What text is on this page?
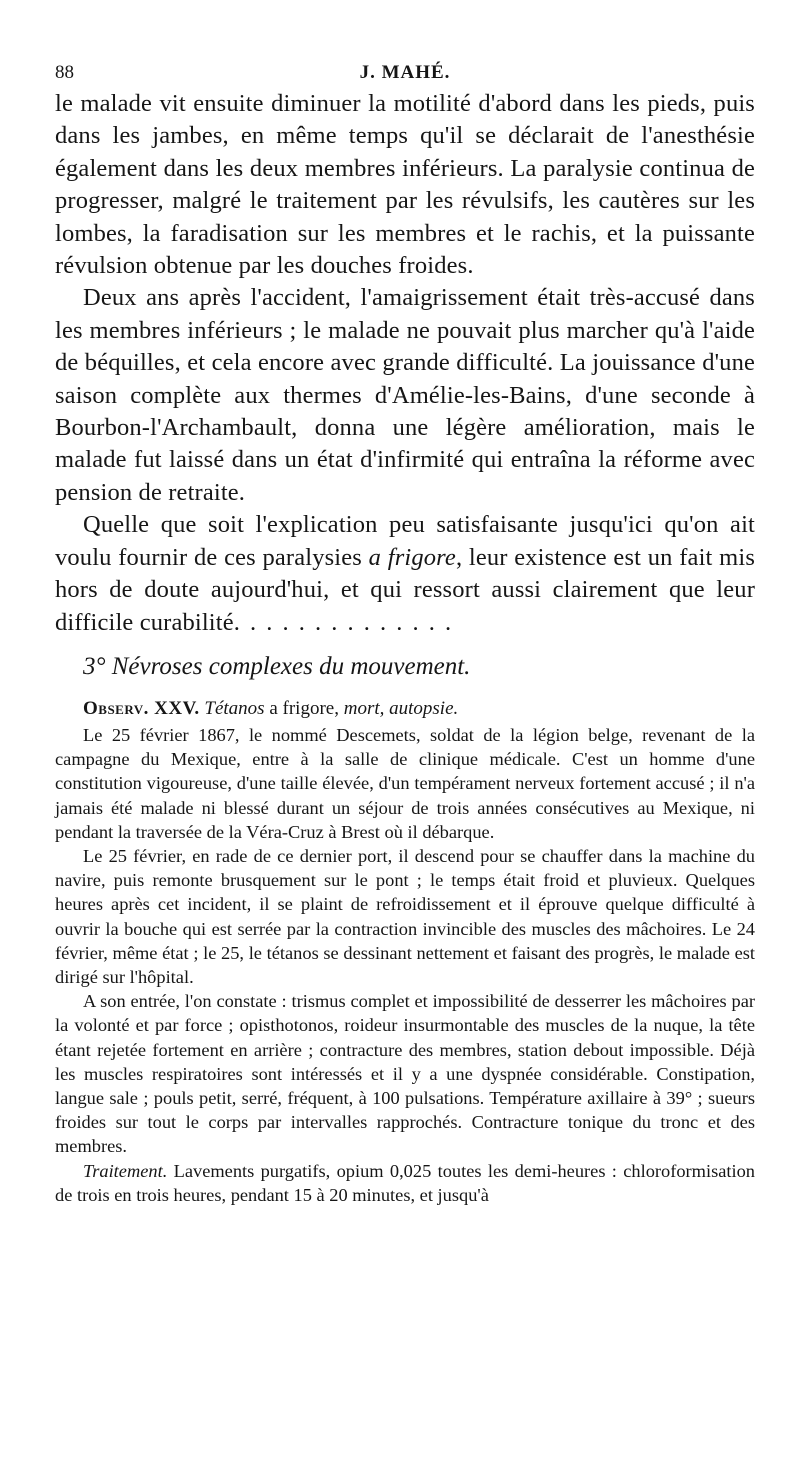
88	J. MAHÉ.

le malade vit ensuite diminuer la motilité d'abord dans les pieds, puis dans les jambes, en même temps qu'il se déclarait de l'anesthésie également dans les deux membres inférieurs. La paralysie continua de progresser, malgré le traitement par les révulsifs, les cautères sur les lombes, la faradisation sur les membres et le rachis, et la puissante révulsion obtenue par les douches froides.

Deux ans après l'accident, l'amaigrissement était très-accusé dans les membres inférieurs ; le malade ne pouvait plus marcher qu'à l'aide de béquilles, et cela encore avec grande difficulté. La jouissance d'une saison complète aux thermes d'Amélie-les-Bains, d'une seconde à Bourbon-l'Archambault, donna une légère amélioration, mais le malade fut laissé dans un état d'infirmité qui entraîna la réforme avec pension de retraite.

Quelle que soit l'explication peu satisfaisante jusqu'ici qu'on ait voulu fournir de ces paralysies a frigore, leur existence est un fait mis hors de doute aujourd'hui, et qui ressort aussi clairement que leur difficile curabilité. . . . . . . . . . . . . .

3° Névroses complexes du mouvement.
Observ. XXV. Tétanos a frigore, mort, autopsie.

Le 25 février 1867, le nommé Descemets, soldat de la légion belge, revenant de la campagne du Mexique, entre à la salle de clinique médicale. C'est un homme d'une constitution vigoureuse, d'une taille élevée, d'un tempérament nerveux fortement accusé ; il n'a jamais été malade ni blessé durant un séjour de trois années consécutives au Mexique, ni pendant la traversée de la Véra-Cruz à Brest où il débarque.

Le 25 février, en rade de ce dernier port, il descend pour se chauffer dans la machine du navire, puis remonte brusquement sur le pont ; le temps était froid et pluvieux. Quelques heures après cet incident, il se plaint de refroidissement et il éprouve quelque difficulté à ouvrir la bouche qui est serrée par la contraction invincible des muscles des mâchoires. Le 24 février, même état ; le 25, le tétanos se dessinant nettement et faisant des progrès, le malade est dirigé sur l'hôpital.

A son entrée, l'on constate : trismus complet et impossibilité de desserrer les mâchoires par la volonté et par force ; opisthotonos, roideur insurmontable des muscles de la nuque, la tête étant rejetée fortement en arrière ; contracture des membres, station debout impossible. Déjà les muscles respiratoires sont intéressés et il y a une dyspnée considérable. Constipation, langue sale ; pouls petit, serré, fréquent, à 100 pulsations. Température axillaire à 39° ; sueurs froides sur tout le corps par intervalles rapprochés. Contracture tonique du tronc et des membres.

Traitement. Lavements purgatifs, opium 0,025 toutes les demi-heures : chloroformisation de trois en trois heures, pendant 15 à 20 minutes, et jusqu'à
